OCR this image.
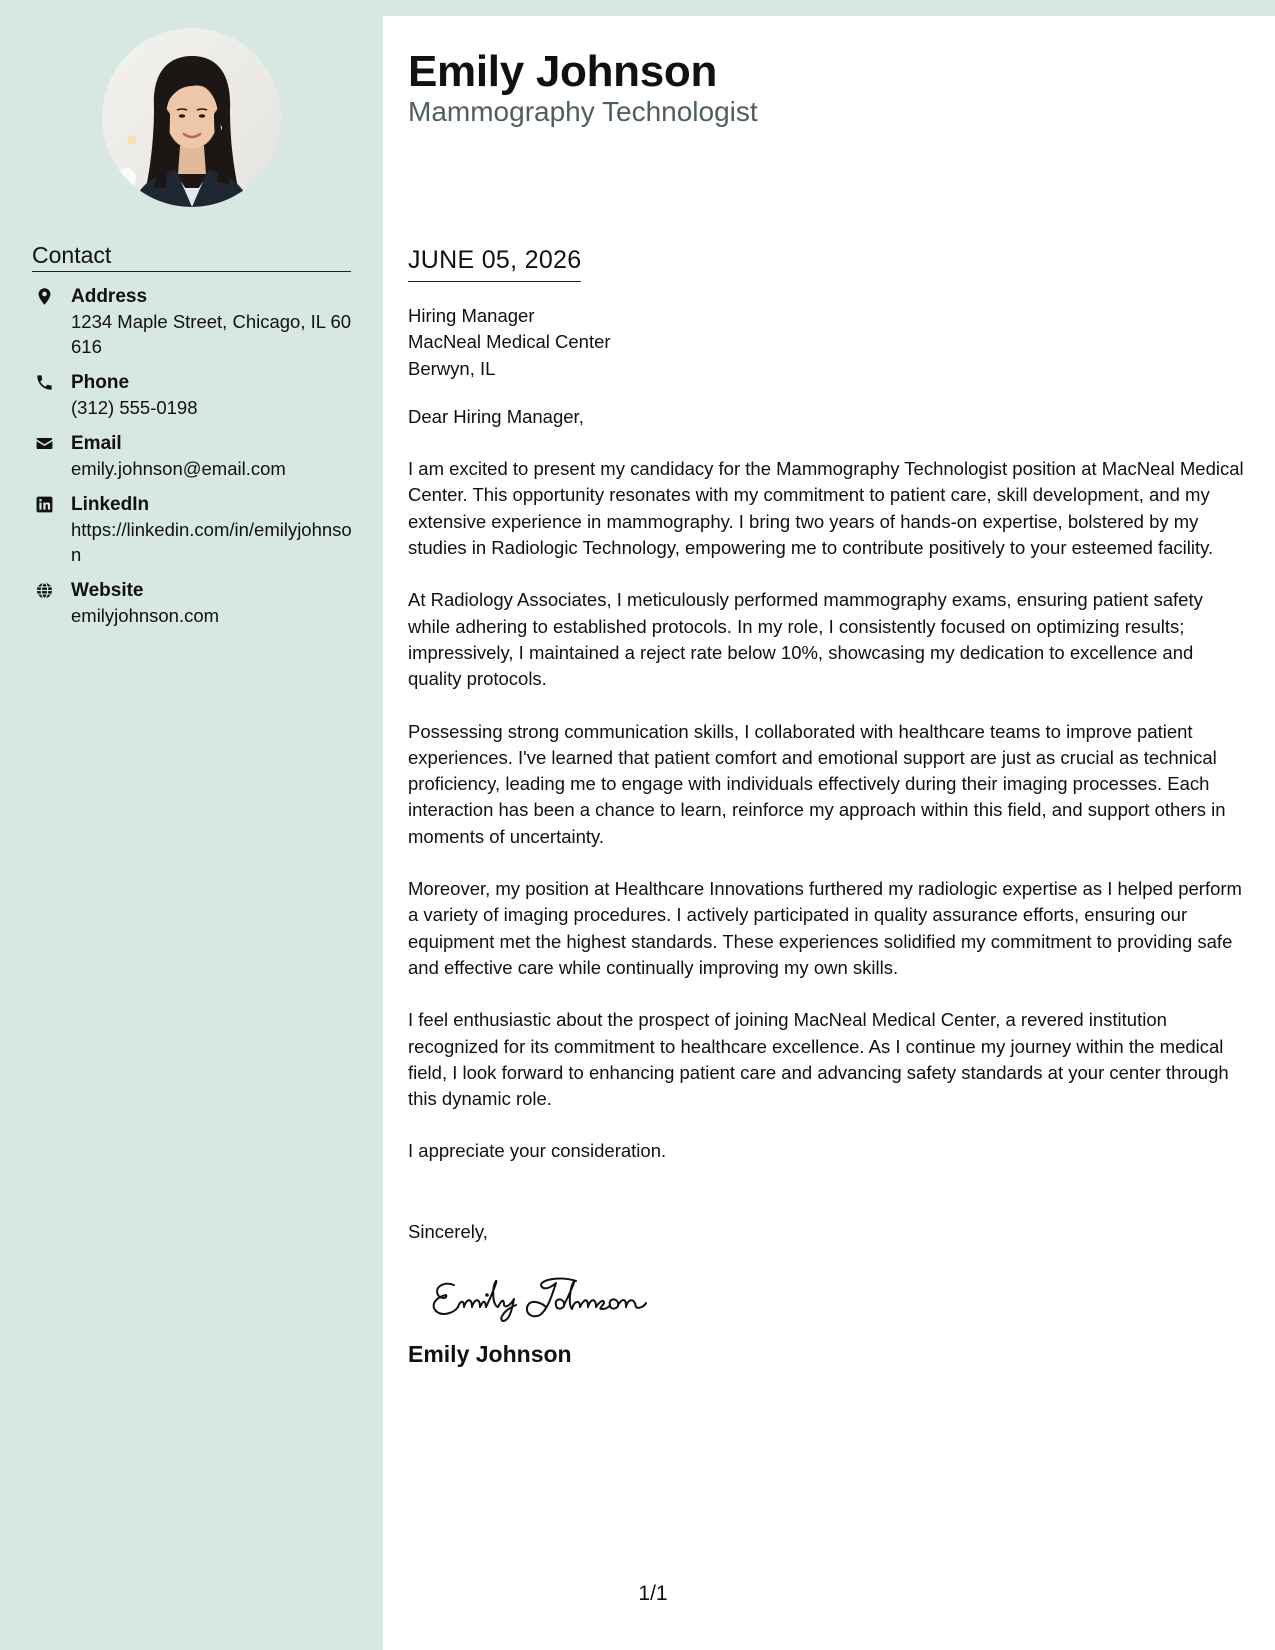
Contact
Address
1234 Maple Street, Chicago, IL 60616
Phone
(312) 555-0198
Email
emily.johnson@email.com
LinkedIn
https://linkedin.com/in/emilyjohnson
Website
emilyjohnson.com
Emily Johnson
Mammography Technologist
JUNE 05, 2026

Hiring Manager

MacNeal Medical Center

Berwyn, IL

Dear Hiring Manager,

I am excited to present my candidacy for the Mammography Technologist position at MacNeal Medical Center. This opportunity resonates with my commitment to patient care, skill development, and my extensive experience in mammography. I bring two years of hands-on expertise, bolstered by my studies in Radiologic Technology, empowering me to contribute positively to your esteemed facility.

At Radiology Associates, I meticulously performed mammography exams, ensuring patient safety while adhering to established protocols. In my role, I consistently focused on optimizing results; impressively, I maintained a reject rate below 10%, showcasing my dedication to excellence and quality protocols.

Possessing strong communication skills, I collaborated with healthcare teams to improve patient experiences. I've learned that patient comfort and emotional support are just as crucial as technical proficiency, leading me to engage with individuals effectively during their imaging processes. Each interaction has been a chance to learn, reinforce my approach within this field, and support others in moments of uncertainty.

Moreover, my position at Healthcare Innovations furthered my radiologic expertise as I helped perform a variety of imaging procedures. I actively participated in quality assurance efforts, ensuring our equipment met the highest standards. These experiences solidified my commitment to providing safe and effective care while continually improving my own skills.

I feel enthusiastic about the prospect of joining MacNeal Medical Center, a revered institution recognized for its commitment to healthcare excellence. As I continue my journey within the medical field, I look forward to enhancing patient care and advancing safety standards at your center through this dynamic role.

I appreciate your consideration.

Sincerely,

Emily Johnson

1/1
